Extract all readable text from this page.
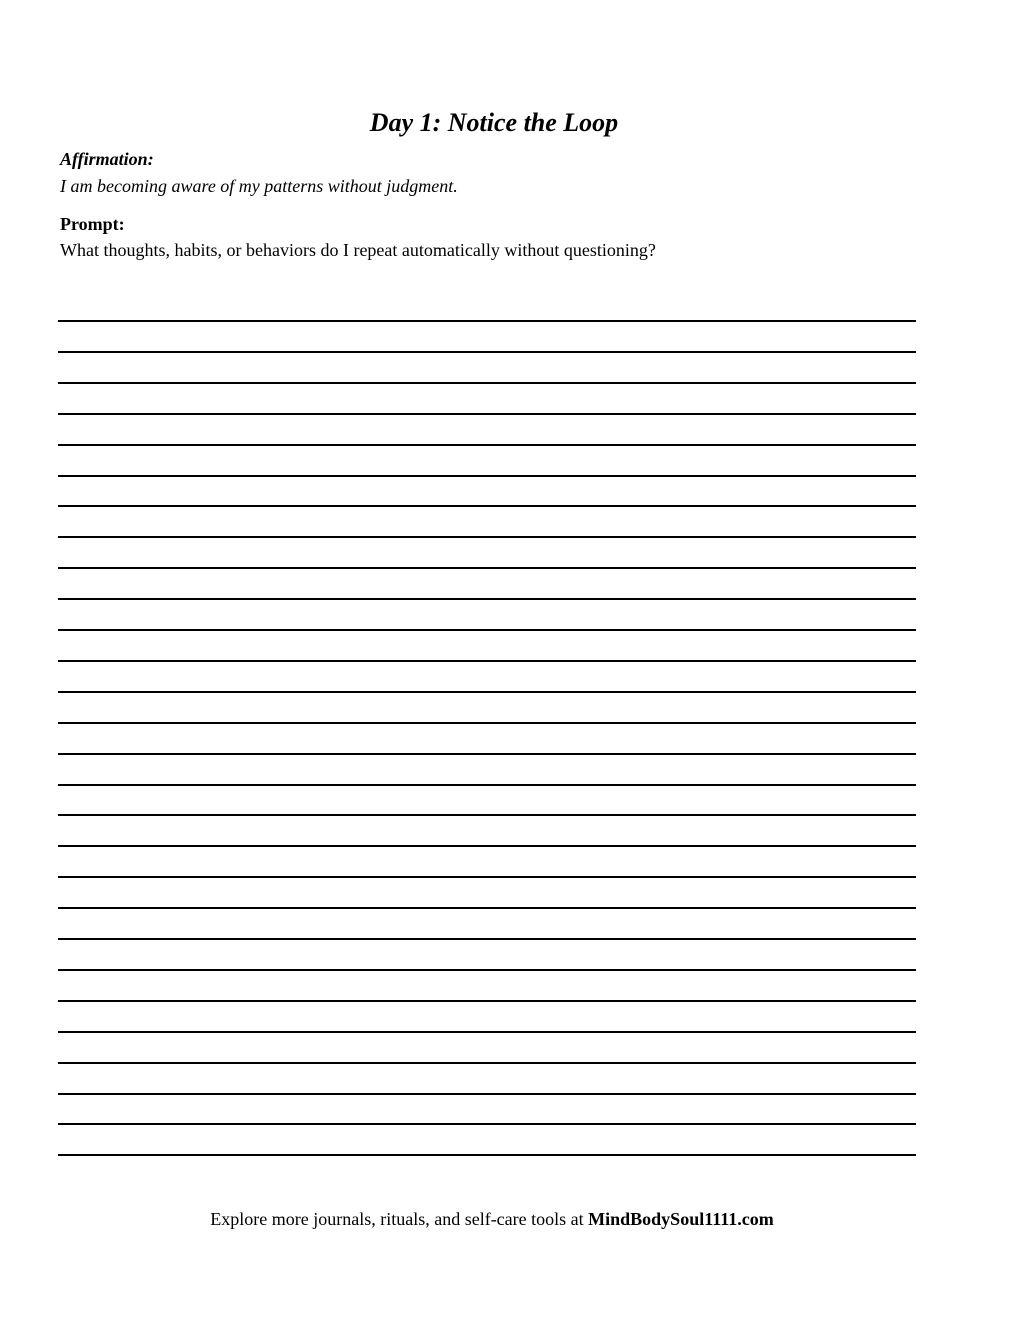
Day 1: Notice the Loop
Affirmation:
I am becoming aware of my patterns without judgment.
Prompt:
What thoughts, habits, or behaviors do I repeat automatically without questioning?
Explore more journals, rituals, and self-care tools at MindBodySoul1111.com
